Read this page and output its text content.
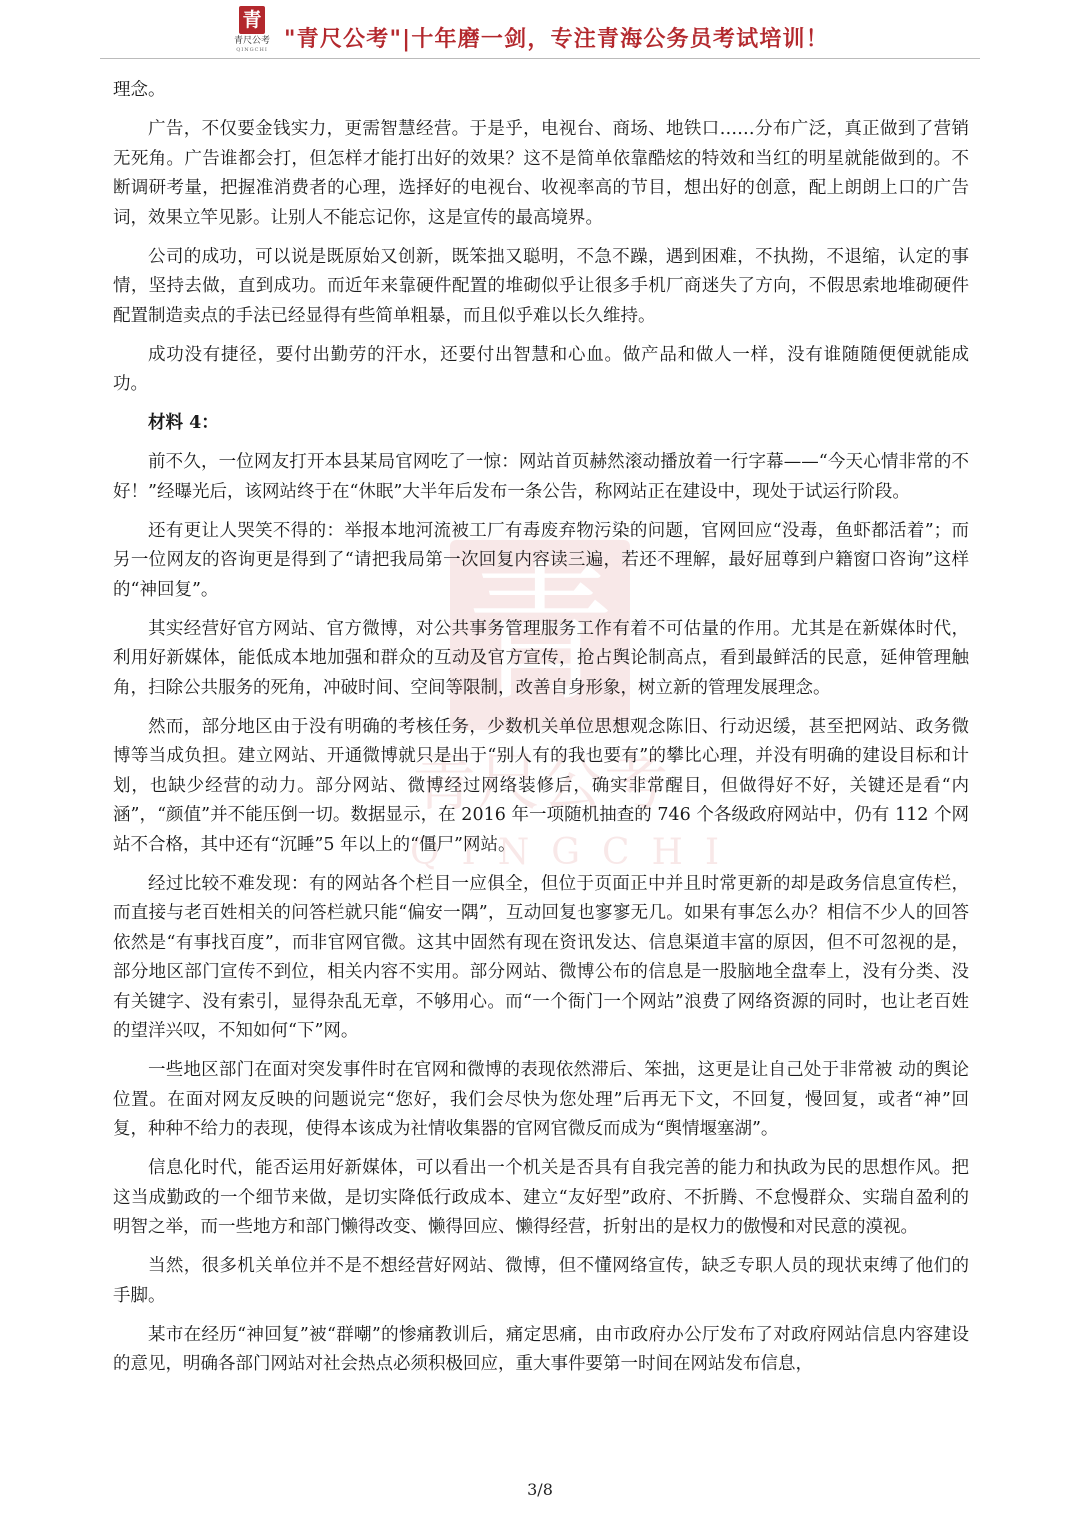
青
青尺公考
QINGCHI "青尺公考"|十年磨一剑，专注青海公务员考试培训！
青
青尺公考
QINGCHI

理念。

广告，不仅要金钱实力，更需智慧经营。于是乎，电视台、商场、地铁口……分布广泛，真正做到了营销无死角。广告谁都会打，但怎样才能打出好的效果？这不是简单依靠酷炫的特效和当红的明星就能做到的。不断调研考量，把握准消费者的心理，选择好的电视台、收视率高的节目，想出好的创意，配上朗朗上口的广告词，效果立竿见影。让别人不能忘记你，这是宣传的最高境界。

公司的成功，可以说是既原始又创新，既笨拙又聪明，不急不躁，遇到困难，不执拗，不退缩，认定的事情，坚持去做，直到成功。而近年来靠硬件配置的堆砌似乎让很多手机厂商迷失了方向，不假思索地堆砌硬件配置制造卖点的手法已经显得有些简单粗暴，而且似乎难以长久维持。

成功没有捷径，要付出勤劳的汗水，还要付出智慧和心血。做产品和做人一样，没有谁随随便便就能成功。

材料 4：

前不久，一位网友打开本县某局官网吃了一惊：网站首页赫然滚动播放着一行字幕——“今天心情非常的不好！”经曝光后，该网站终于在“休眠”大半年后发布一条公告，称网站正在建设中，现处于试运行阶段。

还有更让人哭笑不得的：举报本地河流被工厂有毒废弃物污染的问题，官网回应“没毒，鱼虾都活着”；而另一位网友的咨询更是得到了“请把我局第一次回复内容读三遍，若还不理解，最好屈尊到户籍窗口咨询”这样的“神回复”。

其实经营好官方网站、官方微博，对公共事务管理服务工作有着不可估量的作用。尤其是在新媒体时代，利用好新媒体，能低成本地加强和群众的互动及官方宣传，抢占舆论制高点，看到最鲜活的民意，延伸管理触角，扫除公共服务的死角，冲破时间、空间等限制，改善自身形象，树立新的管理发展理念。

然而，部分地区由于没有明确的考核任务，少数机关单位思想观念陈旧、行动迟缓，甚至把网站、政务微博等当成负担。建立网站、开通微博就只是出于“别人有的我也要有”的攀比心理，并没有明确的建设目标和计划，也缺少经营的动力。部分网站、微博经过网络装修后，确实非常醒目，但做得好不好，关键还是看“内涵”，“颜值”并不能压倒一切。数据显示，在 2016 年一项随机抽查的 746 个各级政府网站中，仍有 112 个网站不合格，其中还有“沉睡”5 年以上的“僵尸”网站。

经过比较不难发现：有的网站各个栏目一应俱全，但位于页面正中并且时常更新的却是政务信息宣传栏，而直接与老百姓相关的问答栏就只能“偏安一隅”，互动回复也寥寥无几。如果有事怎么办？相信不少人的回答依然是“有事找百度”，而非官网官微。这其中固然有现在资讯发达、信息渠道丰富的原因，但不可忽视的是，部分地区部门宣传不到位，相关内容不实用。部分网站、微博公布的信息是一股脑地全盘奉上，没有分类、没有关键字、没有索引，显得杂乱无章，不够用心。而“一个衙门一个网站”浪费了网络资源的同时，也让老百姓的望洋兴叹，不知如何“下”网。

一些地区部门在面对突发事件时在官网和微博的表现依然滞后、笨拙，这更是让自己处于非常被 动的舆论位置。在面对网友反映的问题说完“您好，我们会尽快为您处理”后再无下文，不回复，慢回复，或者“神”回复，种种不给力的表现，使得本该成为社情收集器的官网官微反而成为“舆情堰塞湖”。

信息化时代，能否运用好新媒体，可以看出一个机关是否具有自我完善的能力和执政为民的思想作风。把这当成勤政的一个细节来做，是切实降低行政成本、建立“友好型”政府、不折腾、不怠慢群众、实瑞自盈利的明智之举，而一些地方和部门懒得改变、懒得回应、懒得经营，折射出的是权力的傲慢和对民意的漠视。

当然，很多机关单位并不是不想经营好网站、微博，但不懂网络宣传，缺乏专职人员的现状束缚了他们的手脚。

某市在经历“神回复”被“群嘲”的惨痛教训后，痛定思痛，由市政府办公厅发布了对政府网站信息内容建设的意见，明确各部门网站对社会热点必须积极回应，重大事件要第一时间在网站发布信息，

3/8
